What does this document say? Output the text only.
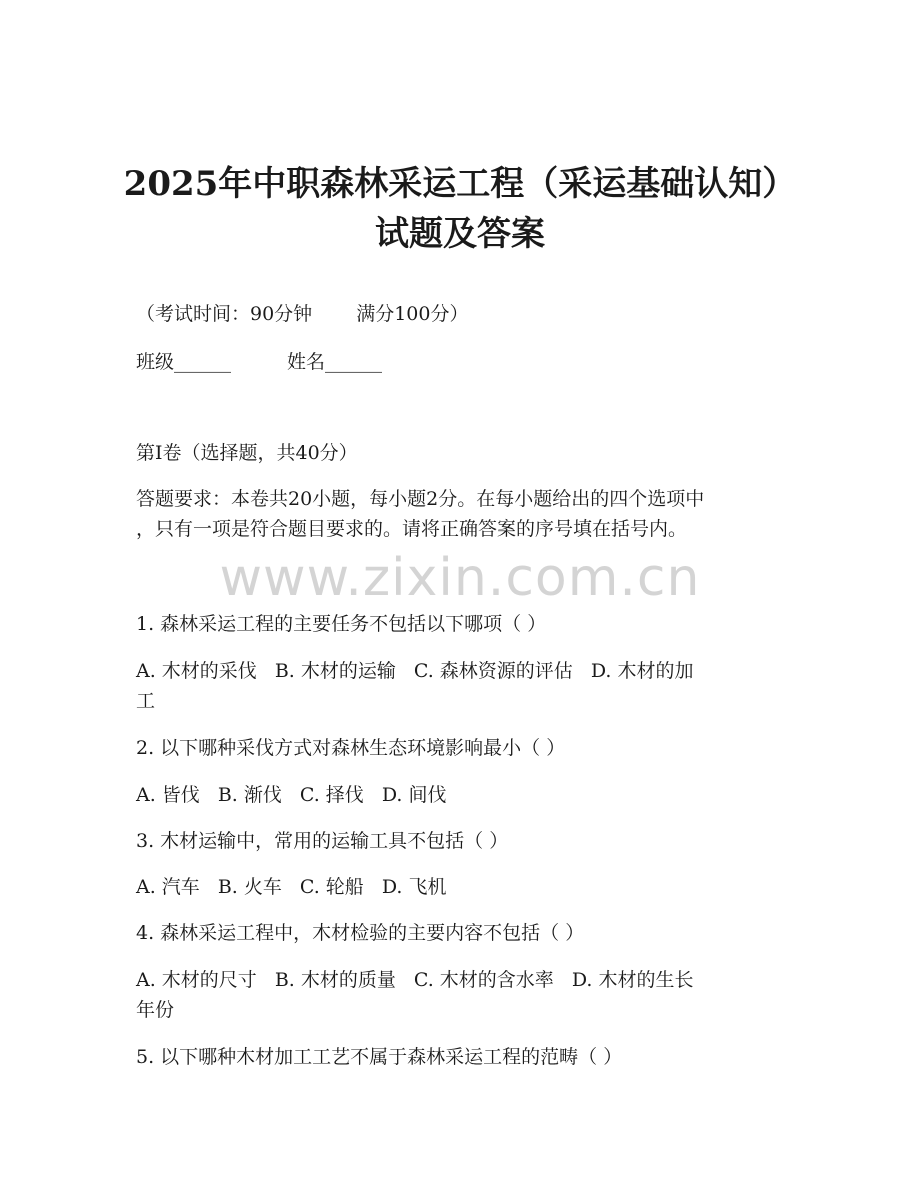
2025年中职森林采运工程（采运基础认知）
试题及答案
（考试时间：90分钟 满分100分）
班级______	姓名______
第I卷（选择题，共40分）
答题要求：本卷共20小题，每小题2分。在每小题给出的四个选项中
，只有一项是符合题目要求的。请将正确答案的序号填在括号内。
www.zixin.com.cn
1. 森林采运工程的主要任务不包括以下哪项（ ）
A. 木材的采伐 B. 木材的运输 C. 森林资源的评估 D. 木材的加
工
2. 以下哪种采伐方式对森林生态环境影响最小（ ）
A. 皆伐 B. 渐伐 C. 择伐 D. 间伐
3. 木材运输中，常用的运输工具不包括（ ）
A. 汽车 B. 火车 C. 轮船 D. 飞机
4. 森林采运工程中，木材检验的主要内容不包括（ ）
A. 木材的尺寸 B. 木材的质量 C. 木材的含水率 D. 木材的生长
年份
5. 以下哪种木材加工工艺不属于森林采运工程的范畴（ ）
